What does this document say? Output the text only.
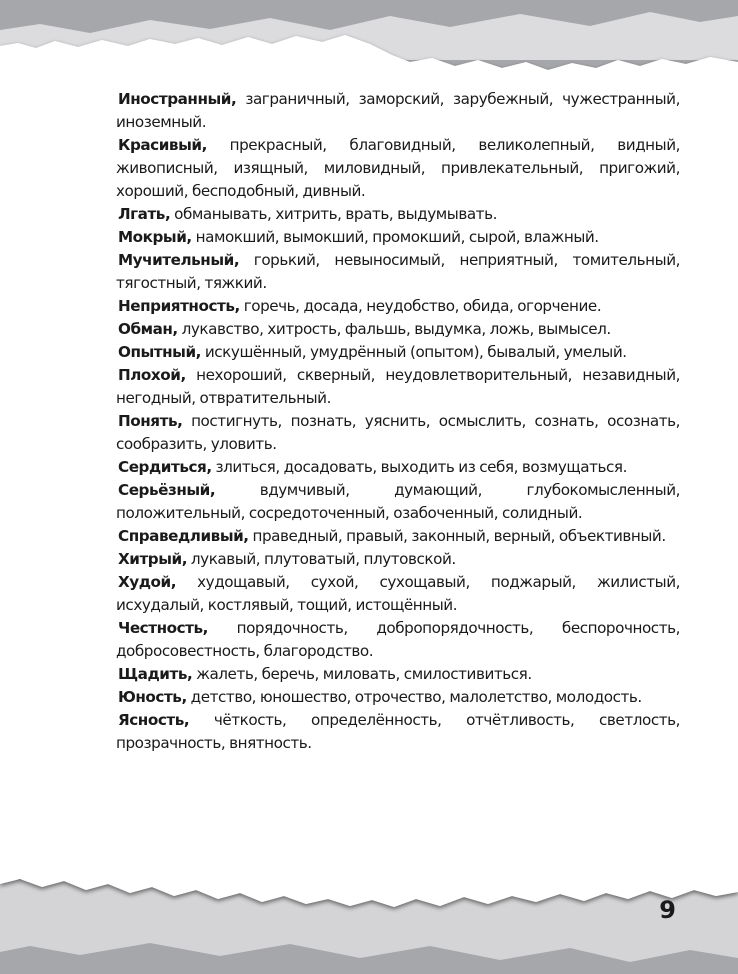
Иностранный, заграничный, заморский, зарубежный, чужестранный, иноземный.

Красивый, прекрасный, благовидный, великолепный, видный, живописный, изящный, миловидный, привлекательный, пригожий, хороший, бесподобный, дивный.

Лгать, обманывать, хитрить, врать, выдумывать.

Мокрый, намокший, вымокший, промокший, сырой, влажный.

Мучительный, горький, невыносимый, неприятный, томительный, тягостный, тяжкий.

Неприятность, горечь, досада, неудобство, обида, огорчение.

Обман, лукавство, хитрость, фальшь, выдумка, ложь, вымысел.

Опытный, искушённый, умудрённый (опытом), бывалый, умелый.

Плохой, нехороший, скверный, неудовлетворительный, незавидный, негодный, отвратительный.

Понять, постигнуть, познать, уяснить, осмыслить, сознать, осознать, сообразить, уловить.

Сердиться, злиться, досадовать, выходить из себя, возмущаться.

Серьёзный, вдумчивый, думающий, глубокомысленный, положительный, сосредоточенный, озабоченный, солидный.

Справедливый, праведный, правый, законный, верный, объективный.

Хитрый, лукавый, плутоватый, плутовской.

Худой, худощавый, сухой, сухощавый, поджарый, жилистый, исхудалый, костлявый, тощий, истощённый.

Честность, порядочность, добропорядочность, беспорочность, добросовестность, благородство.

Щадить, жалеть, беречь, миловать, смилостивиться.

Юность, детство, юношество, отрочество, малолетство, молодость.

Ясность, чёткость, определённость, отчётливость, светлость, прозрачность, внятность.

9
